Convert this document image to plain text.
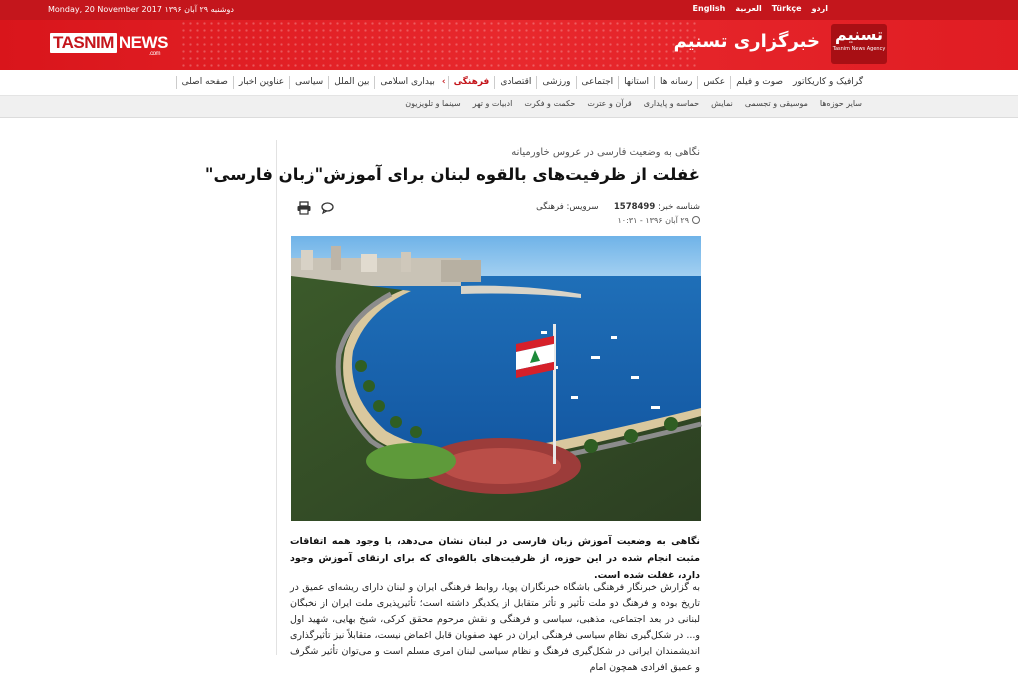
Monday, 20 November 2017 دوشنبه ۲۹ آبان ۱۳۹۶	English العربية Türkçe اردو
TASNIM NEWS
.com
خبرگزاری تسنیم تسنیم
Tasnim News Agency
صفحه اصلی	عناوین اخبار	سیاسی	بین الملل	بیداری اسلامی › فرهنگی	اقتصادی	ورزشی	اجتماعی	استانها	رسانه ها	عکس	صوت و فیلم	گرافیک و کاریکاتور
سینما و تلویزیون	ادبیات و تهر	حکمت و فکرت	قرآن و عترت	حماسه و پایداری	نمایش	موسیقی و تجسمی	سایر حوزه‌ها
نگاهی به وضعیت فارسی در عروس خاورمیانه
غفلت از ظرفیت‌های بالقوه لبنان برای آموزش"زبان فارسی"
شناسه خبر: 1578499  سرویس: فرهنگی
۲۹ آبان ۱۳۹۶ - ۱۰:۳۱

نگاهی به وضعیت آموزش زبان فارسی در لبنان نشان می‌دهد، با وجود همه اتفاقات مثبت انجام شده در این حوزه، از ظرفیت‌های بالقوه‌ای که برای ارتقای آموزش وجود دارد، غفلت شده است.

به گزارش خبرنگار فرهنگی باشگاه خبرنگاران پویا، روابط فرهنگی ایران و لبنان دارای ریشه‌ای عمیق در تاریخ بوده و فرهنگ دو ملت تأثیر و تأثر متقابل از یکدیگر داشته است؛ تأثیرپذیری ملت ایران از نخبگان لبنانی در بعد اجتماعی، مذهبی، سیاسی و فرهنگی و نقش مرحوم محقق کرکی، شیخ بهایی، شهید اول و... در شکل‌گیری نظام سیاسی فرهنگی ایران در عهد صفویان قابل اغماض نیست، متقابلاً نیز تأثیرگذاری اندیشمندان ایرانی در شکل‌گیری فرهنگ و نظام سیاسی لبنان امری مسلم است و می‌توان تأثیر شگرف و عمیق افرادی همچون امام
